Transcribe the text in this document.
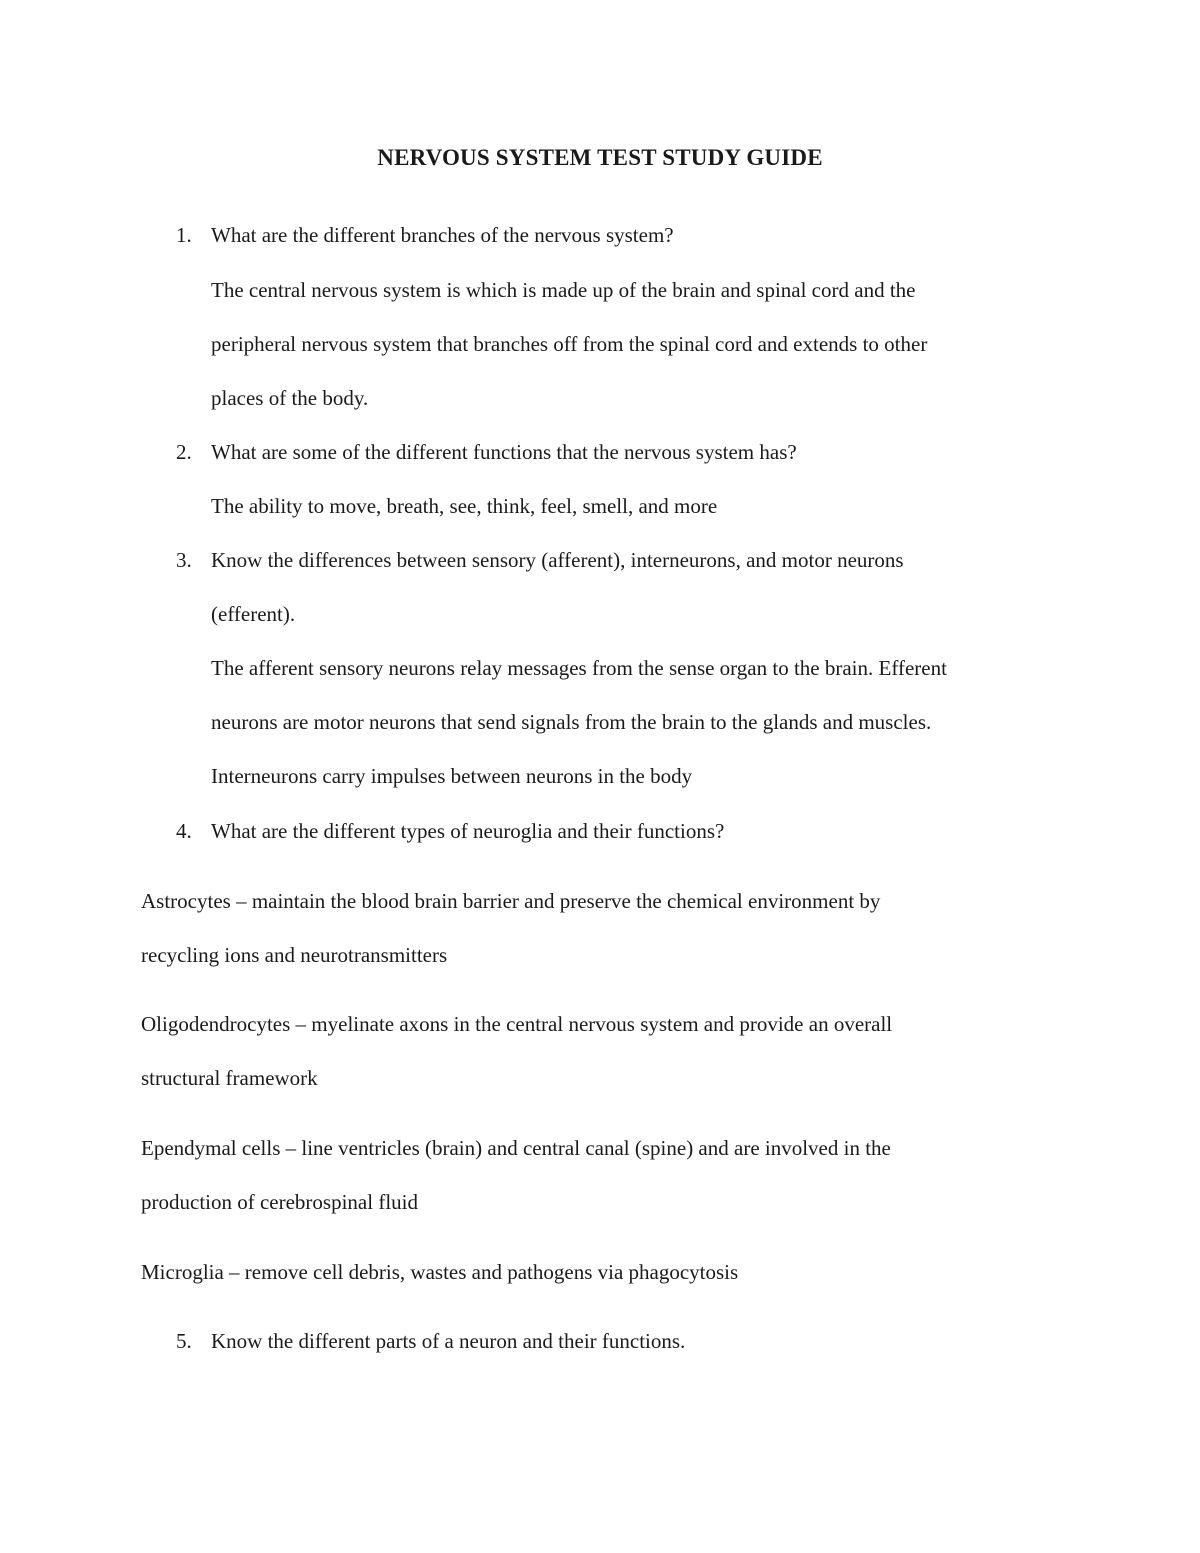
NERVOUS SYSTEM TEST STUDY GUIDE
1. What are the different branches of the nervous system?
The central nervous system is which is made up of the brain and spinal cord and the
peripheral nervous system that branches off from the spinal cord and extends to other
places of the body.
2. What are some of the different functions that the nervous system has?
The ability to move, breath, see, think, feel, smell, and more
3. Know the differences between sensory (afferent), interneurons, and motor neurons
(efferent).
The afferent sensory neurons relay messages from the sense organ to the brain. Efferent
neurons are motor neurons that send signals from the brain to the glands and muscles.
Interneurons carry impulses between neurons in the body
4. What are the different types of neuroglia and their functions?
Astrocytes – maintain the blood brain barrier and preserve the chemical environment by
recycling ions and neurotransmitters
Oligodendrocytes – myelinate axons in the central nervous system and provide an overall
structural framework
Ependymal cells – line ventricles (brain) and central canal (spine) and are involved in the
production of cerebrospinal fluid
Microglia – remove cell debris, wastes and pathogens via phagocytosis
5. Know the different parts of a neuron and their functions.
